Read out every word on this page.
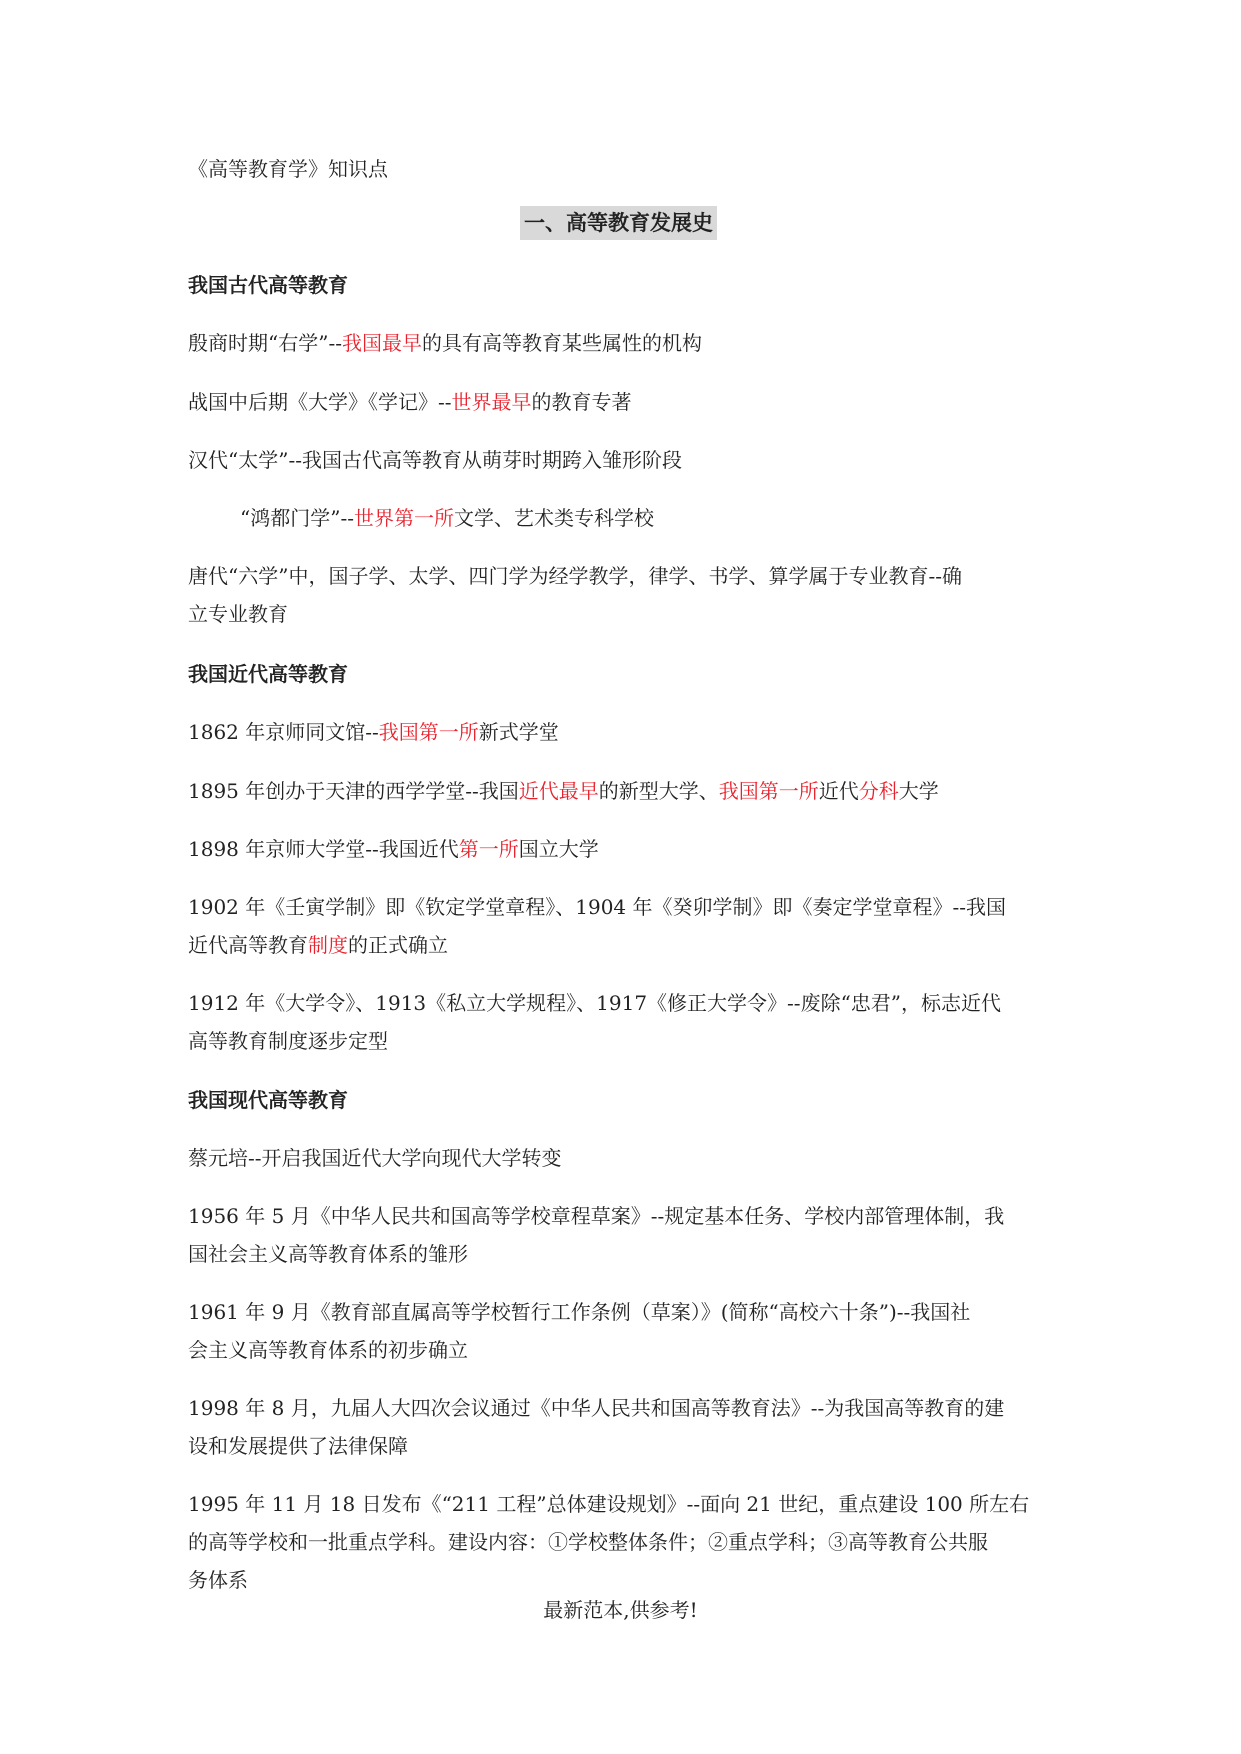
《高等教育学》知识点
一、高等教育发展史
我国古代高等教育
殷商时期“右学”--我国最早的具有高等教育某些属性的机构
战国中后期《大学》《学记》--世界最早的教育专著
汉代“太学”--我国古代高等教育从萌芽时期跨入雏形阶段
“鸿都门学”--世界第一所文学、艺术类专科学校
唐代“六学”中，国子学、太学、四门学为经学教学，律学、书学、算学属于专业教育--确
立专业教育
我国近代高等教育
1862 年京师同文馆--我国第一所新式学堂
1895 年创办于天津的西学学堂--我国近代最早的新型大学、我国第一所近代分科大学
1898 年京师大学堂--我国近代第一所国立大学
1902 年《壬寅学制》即《钦定学堂章程》、1904 年《癸卯学制》即《奏定学堂章程》--我国
近代高等教育制度的正式确立
1912 年《大学令》、1913《私立大学规程》、1917《修正大学令》--废除“忠君”，标志近代
高等教育制度逐步定型
我国现代高等教育
蔡元培--开启我国近代大学向现代大学转变
1956 年 5 月《中华人民共和国高等学校章程草案》--规定基本任务、学校内部管理体制，我
国社会主义高等教育体系的雏形
1961 年 9 月《教育部直属高等学校暂行工作条例（草案）》(简称“高校六十条”)--我国社
会主义高等教育体系的初步确立
1998 年 8 月，九届人大四次会议通过《中华人民共和国高等教育法》--为我国高等教育的建
设和发展提供了法律保障
1995 年 11 月 18 日发布《“211 工程”总体建设规划》--面向 21 世纪，重点建设 100 所左右
的高等学校和一批重点学科。建设内容：①学校整体条件；②重点学科；③高等教育公共服
务体系
最新范本,供参考!
